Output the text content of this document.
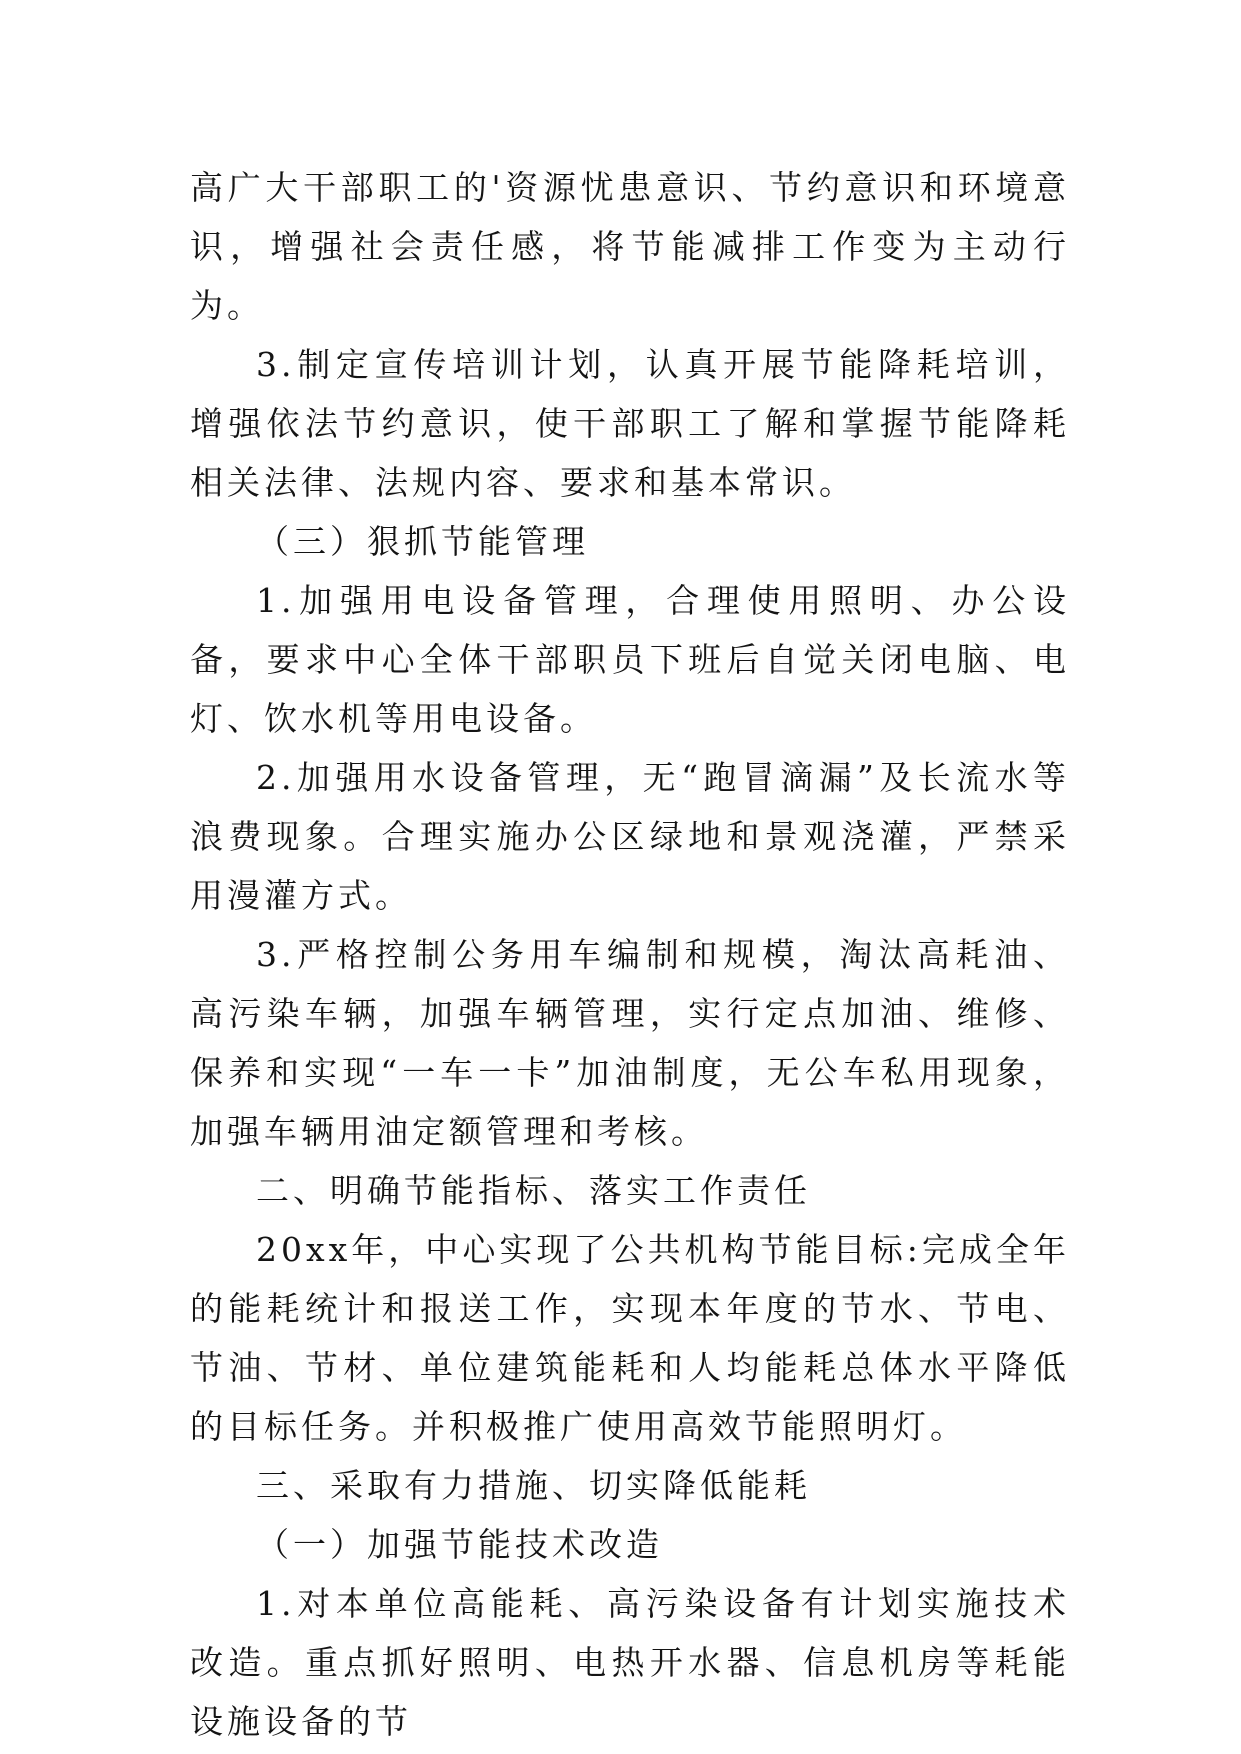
高广大干部职工的'资源忧患意识、节约意识和环境意识，增强社会责任感，将节能减排工作变为主动行为。

3.制定宣传培训计划，认真开展节能降耗培训，增强依法节约意识，使干部职工了解和掌握节能降耗相关法律、法规内容、要求和基本常识。

（三）狠抓节能管理

1.加强用电设备管理，合理使用照明、办公设备，要求中心全体干部职员下班后自觉关闭电脑、电灯、饮水机等用电设备。

2.加强用水设备管理，无“跑冒滴漏”及长流水等浪费现象。合理实施办公区绿地和景观浇灌，严禁采用漫灌方式。

3.严格控制公务用车编制和规模，淘汰高耗油、高污染车辆，加强车辆管理，实行定点加油、维修、保养和实现“一车一卡”加油制度，无公车私用现象，加强车辆用油定额管理和考核。

二、明确节能指标、落实工作责任

20xx年，中心实现了公共机构节能目标:完成全年的能耗统计和报送工作，实现本年度的节水、节电、节油、节材、单位建筑能耗和人均能耗总体水平降低的目标任务。并积极推广使用高效节能照明灯。

三、采取有力措施、切实降低能耗

（一）加强节能技术改造

1.对本单位高能耗、高污染设备有计划实施技术改造。重点抓好照明、电热开水器、信息机房等耗能设施设备的节
